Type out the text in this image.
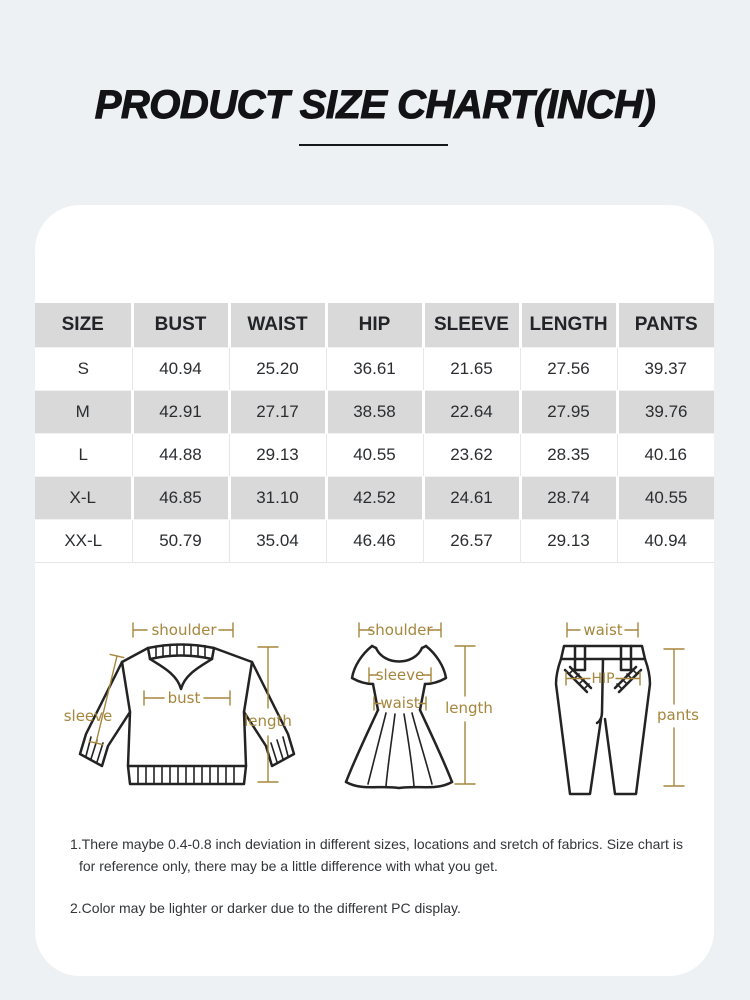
PRODUCT SIZE CHART(INCH)
SIZE	BUST	WAIST	HIP	SLEEVE	LENGTH	PANTS
S	40.94	25.20	36.61	21.65	27.56	39.37
M	42.91	27.17	38.58	22.64	27.95	39.76
L	44.88	29.13	40.55	23.62	28.35	40.16
X-L	46.85	31.10	42.52	24.61	28.74	40.55
XX-L	50.79	35.04	46.46	26.57	29.13	40.94
shoulder
sleeve
bust
length
shoulder
sleeve
waist length
waist
HIP
pants

1.There maybe 0.4-0.8 inch deviation in different sizes, locations and sretch of fabrics. Size chart is for reference only, there may be a little difference with what you get.

2.Color may be lighter or darker due to the different PC display.
